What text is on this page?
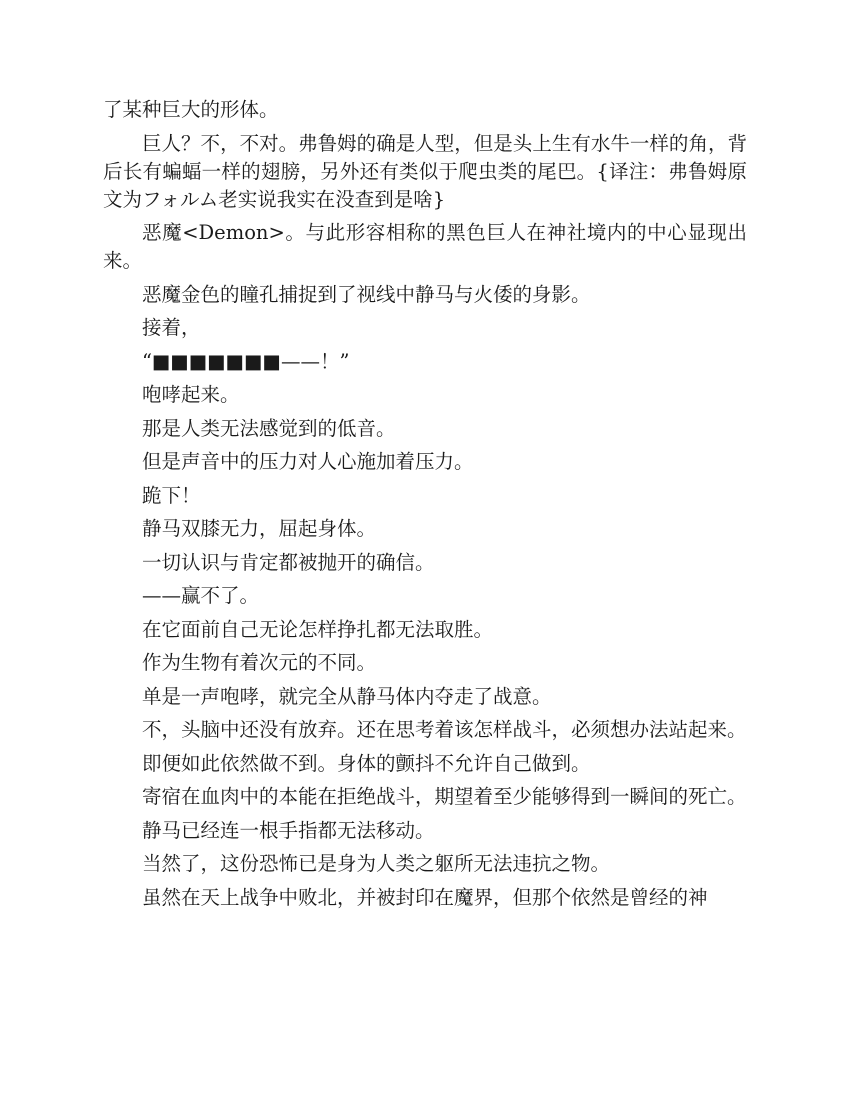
了某种巨大的形体。

巨人？不，不对。弗鲁姆的确是人型，但是头上生有水牛一样的角，背后长有蝙蝠一样的翅膀，另外还有类似于爬虫类的尾巴。{译注：弗鲁姆原文为フォルム老实说我实在没查到是啥}

恶魔<Demon>。与此形容相称的黑色巨人在神社境内的中心显现出来。

恶魔金色的瞳孔捕捉到了视线中静马与火倭的身影。

接着，

“■■■■■■■——！”

咆哮起来。

那是人类无法感觉到的低音。

但是声音中的压力对人心施加着压力。

跪下！

静马双膝无力，屈起身体。

一切认识与肯定都被抛开的确信。

——赢不了。

在它面前自己无论怎样挣扎都无法取胜。

作为生物有着次元的不同。

单是一声咆哮，就完全从静马体内夺走了战意。

不，头脑中还没有放弃。还在思考着该怎样战斗，必须想办法站起来。

即便如此依然做不到。身体的颤抖不允许自己做到。

寄宿在血肉中的本能在拒绝战斗，期望着至少能够得到一瞬间的死亡。

静马已经连一根手指都无法移动。

当然了，这份恐怖已是身为人类之躯所无法违抗之物。

虽然在天上战争中败北，并被封印在魔界，但那个依然是曾经的神
